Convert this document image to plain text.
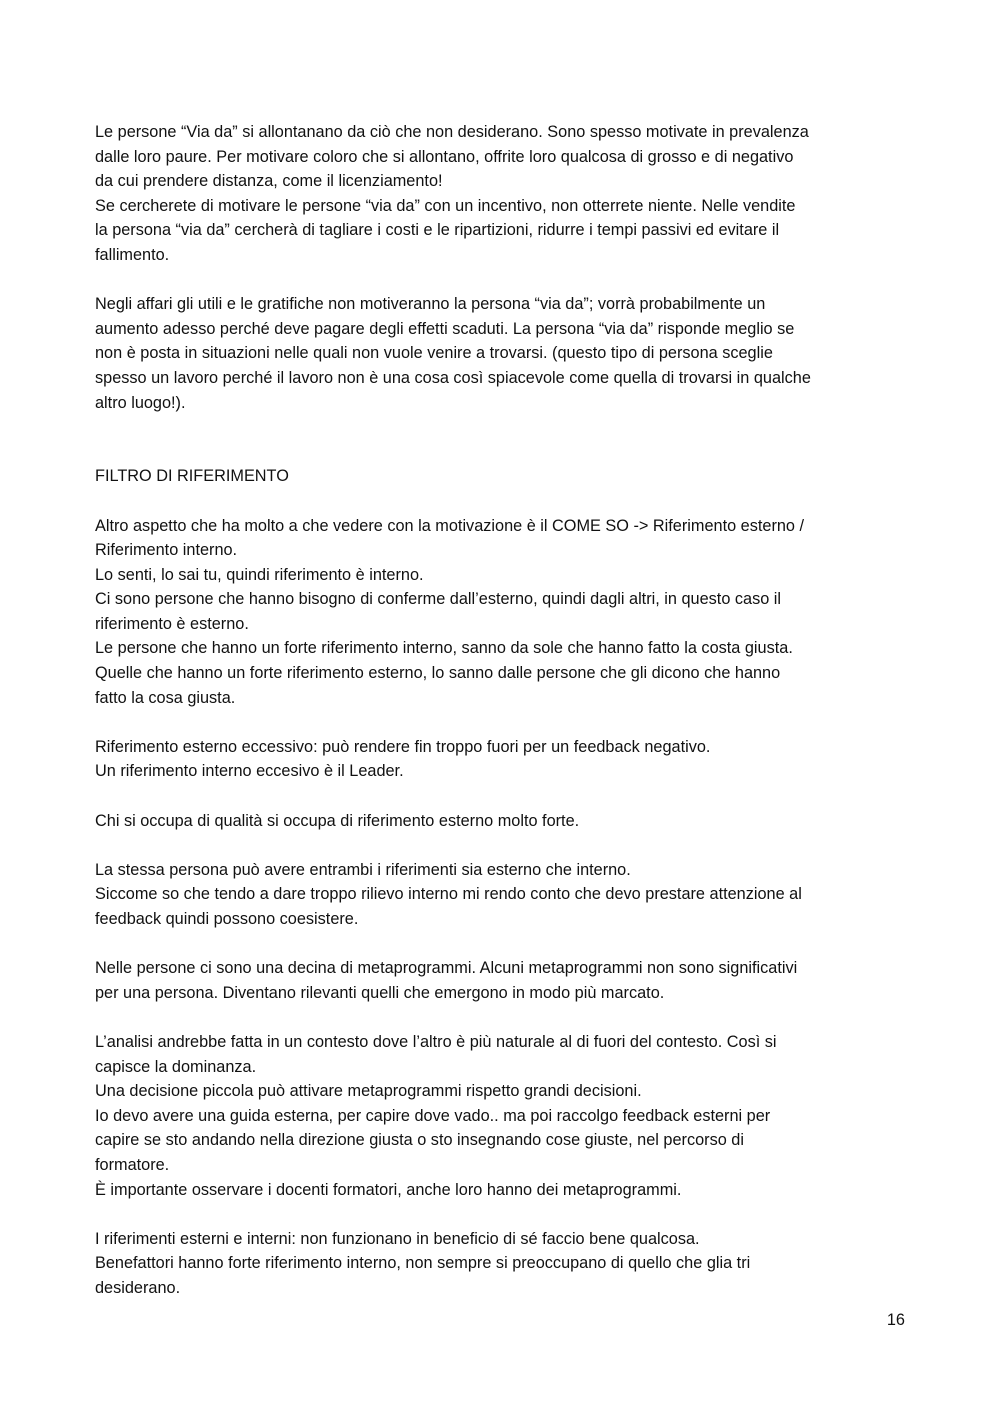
Le persone “Via da” si allontanano da ciò che non desiderano. Sono spesso motivate in prevalenza
dalle loro paure. Per motivare coloro che si allontano, offrite loro qualcosa di grosso e di negativo
da cui prendere distanza, come il licenziamento!
Se cercherete di motivare le persone “via da” con un incentivo, non otterrete niente. Nelle vendite
la persona “via da” cercherà di tagliare i costi e le ripartizioni, ridurre i tempi passivi ed evitare il
fallimento.
Negli affari gli utili e le gratifiche non motiveranno la persona “via da”; vorrà probabilmente un
aumento adesso perché deve pagare degli effetti scaduti. La persona “via da” risponde meglio se
non è posta in situazioni nelle quali non vuole venire a trovarsi. (questo tipo di persona sceglie
spesso un lavoro perché il lavoro non è una cosa così spiacevole come quella di trovarsi in qualche
altro luogo!).
FILTRO DI RIFERIMENTO
Altro aspetto che ha molto a che vedere con la motivazione è il COME SO -> Riferimento esterno /
Riferimento interno.
Lo senti, lo sai tu, quindi riferimento è interno.
Ci sono persone che hanno bisogno di conferme dall’esterno, quindi dagli altri, in questo caso il
riferimento è esterno.
Le persone che hanno un forte riferimento interno, sanno da sole che hanno fatto la costa giusta.
Quelle che hanno un forte riferimento esterno, lo sanno dalle persone che gli dicono che hanno
fatto la cosa giusta.
Riferimento esterno eccessivo: può rendere fin troppo fuori per un feedback negativo.
Un riferimento interno eccesivo è il Leader.
Chi si occupa di qualità si occupa di riferimento esterno molto forte.
La stessa persona può avere entrambi i riferimenti sia esterno che interno.
Siccome so che tendo a dare troppo rilievo interno mi rendo conto che devo prestare attenzione al
feedback quindi possono coesistere.
Nelle persone ci sono una decina di metaprogrammi. Alcuni metaprogrammi non sono significativi
per una persona. Diventano rilevanti quelli che emergono in modo più marcato.
L’analisi andrebbe fatta in un contesto dove l’altro è più naturale al di fuori del contesto. Così si
capisce la dominanza.
Una decisione piccola può attivare metaprogrammi rispetto grandi decisioni.
Io devo avere una guida esterna, per capire dove vado.. ma poi raccolgo feedback esterni per
capire se sto andando nella direzione giusta o sto insegnando cose giuste, nel percorso di
formatore.
È importante osservare i docenti formatori, anche loro hanno dei metaprogrammi.
I riferimenti esterni e interni: non funzionano in beneficio di sé faccio bene qualcosa.
Benefattori hanno forte riferimento interno, non sempre si preoccupano di quello che glia tri
desiderano.
16
